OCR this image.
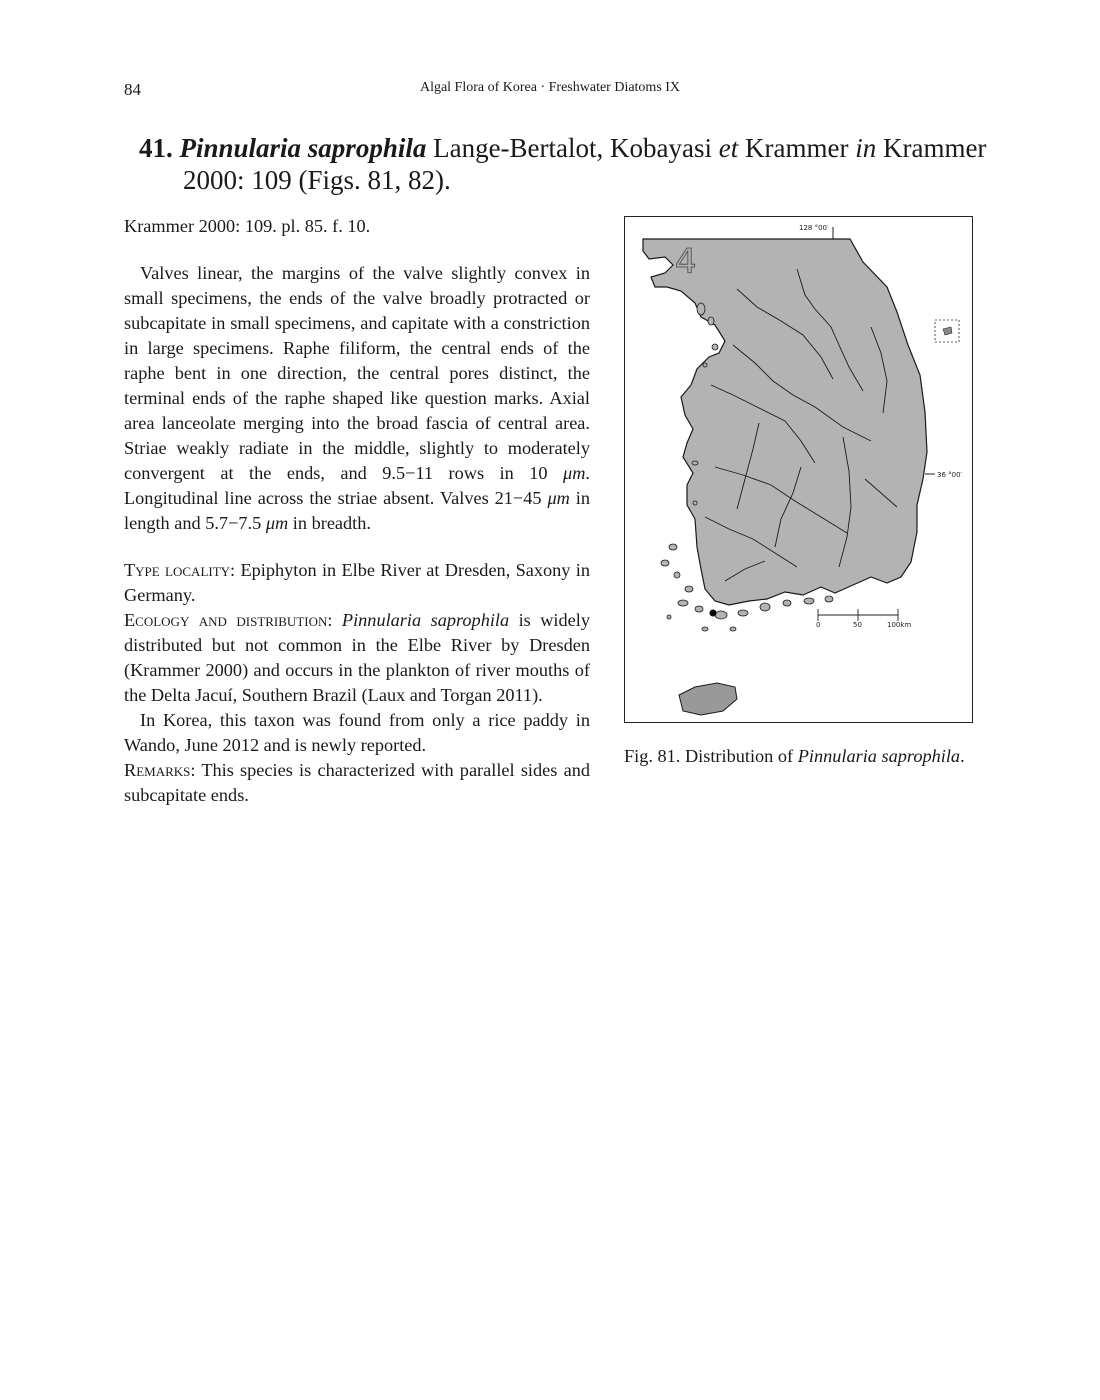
84	Algal Flora of Korea · Freshwater Diatoms IX
41. Pinnularia saprophila Lange-Bertalot, Kobayasi et Krammer in Krammer 2000: 109 (Figs. 81, 82).

Krammer 2000: 109. pl. 85. f. 10.

Valves linear, the margins of the valve slightly convex in small specimens, the ends of the valve broadly protracted or subcapitate in small specimens, and capitate with a constriction in large specimens. Raphe filiform, the central ends of the raphe bent in one direction, the central pores distinct, the terminal ends of the raphe shaped like question marks. Axial area lanceolate merging into the broad fascia of central area. Striae weakly radiate in the middle, slightly to moderately convergent at the ends, and 9.5−11 rows in 10 μm. Longitudinal line across the striae absent. Valves 21−45 μm in length and 5.7−7.5 μm in breadth.

Type locality: Epiphyton in Elbe River at Dresden, Saxony in Germany.

Ecology and distribution: Pinnularia saprophila is widely distributed but not common in the Elbe River by Dresden (Krammer 2000) and occurs in the plankton of river mouths of the Delta Jacuí, Southern Brazil (Laux and Torgan 2011).

In Korea, this taxon was found from only a rice paddy in Wando, June 2012 and is newly reported.

Remarks: This species is characterized with parallel sides and subcapitate ends.

128 °00′
4
36 °00′
0	50	100km
Fig. 81. Distribution of Pinnularia saprophila.
